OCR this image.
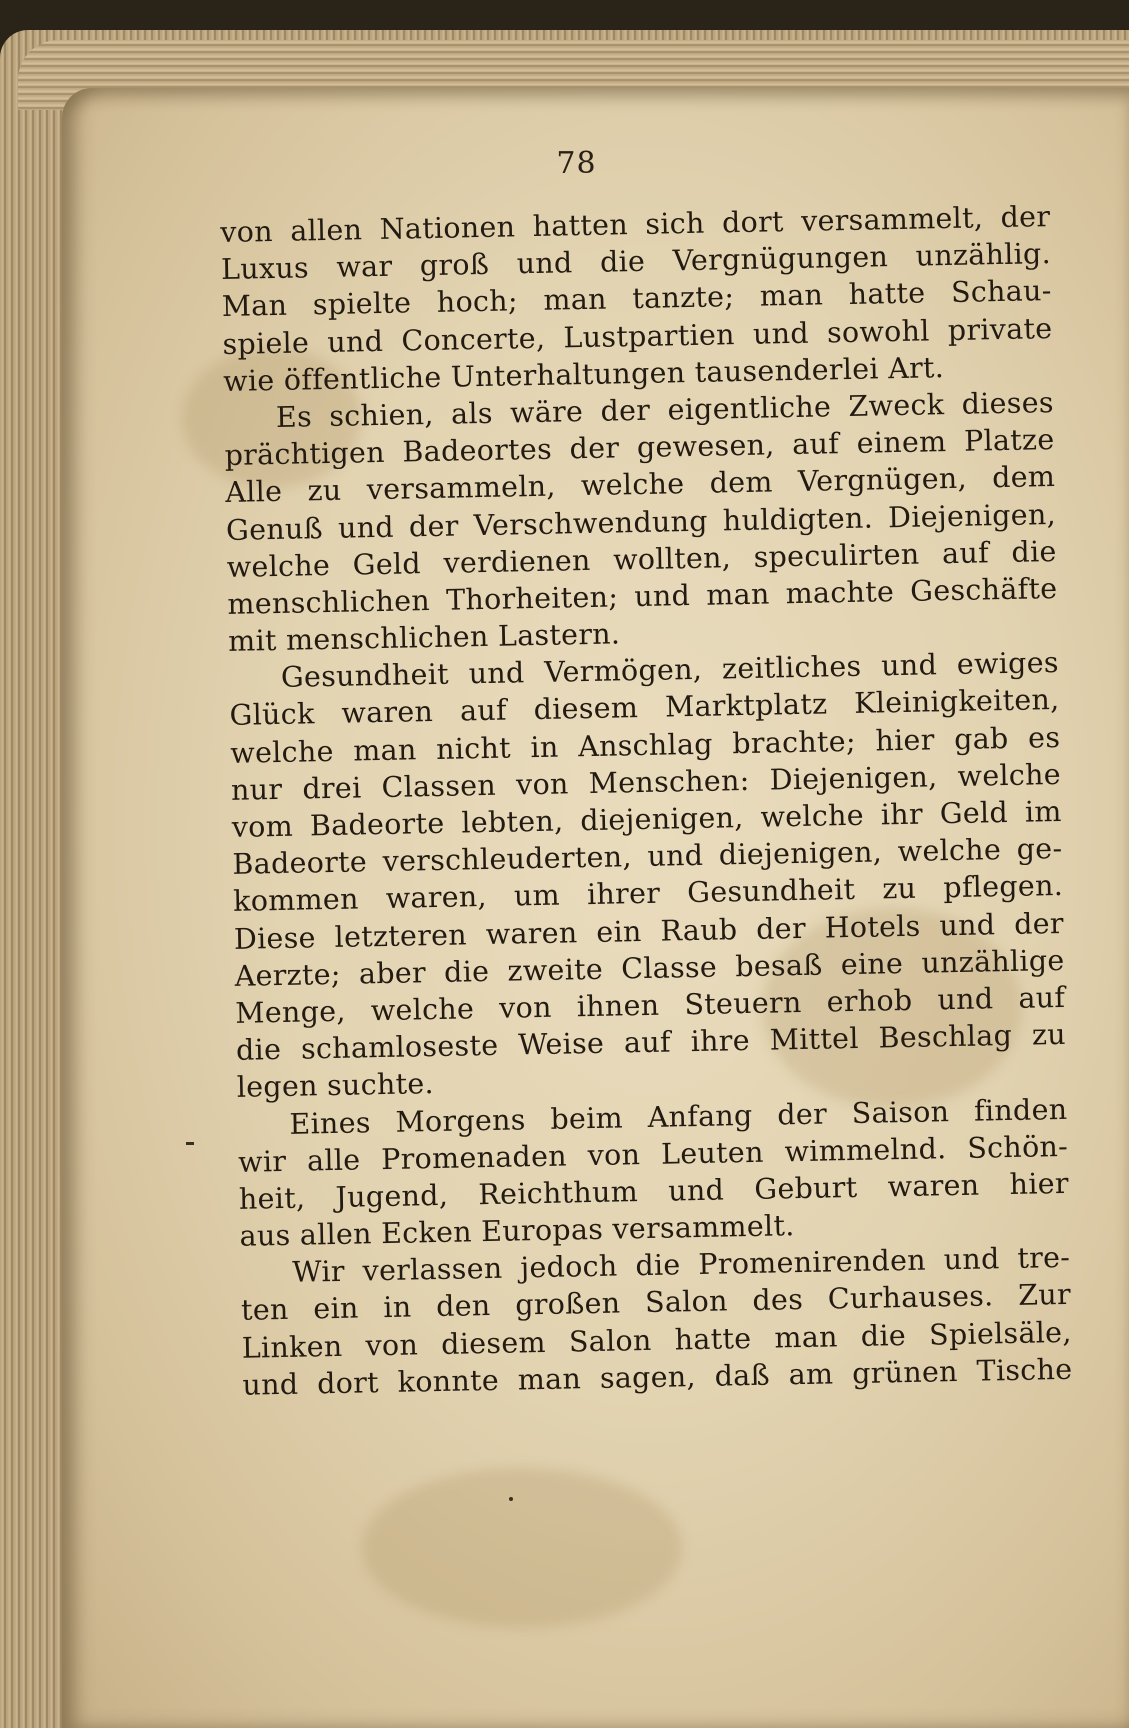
78
von allen Nationen hatten sich dort versammelt, der
Luxus war groß und die Vergnügungen unzählig.
Man spielte hoch; man tanzte; man hatte Schau-
spiele und Concerte, Lustpartien und sowohl private
wie öffentliche Unterhaltungen tausenderlei Art.
Es schien, als wäre der eigentliche Zweck dieses
prächtigen Badeortes der gewesen, auf einem Platze
Alle zu versammeln, welche dem Vergnügen, dem
Genuß und der Verschwendung huldigten. Diejenigen,
welche Geld verdienen wollten, speculirten auf die
menschlichen Thorheiten; und man machte Geschäfte
mit menschlichen Lastern.
Gesundheit und Vermögen, zeitliches und ewiges
Glück waren auf diesem Marktplatz Kleinigkeiten,
welche man nicht in Anschlag brachte; hier gab es
nur drei Classen von Menschen: Diejenigen, welche
vom Badeorte lebten, diejenigen, welche ihr Geld im
Badeorte verschleuderten, und diejenigen, welche ge-
kommen waren, um ihrer Gesundheit zu pflegen.
Diese letzteren waren ein Raub der Hotels und der
Aerzte; aber die zweite Classe besaß eine unzählige
Menge, welche von ihnen Steuern erhob und auf
die schamloseste Weise auf ihre Mittel Beschlag zu
legen suchte.
Eines Morgens beim Anfang der Saison finden
wir alle Promenaden von Leuten wimmelnd. Schön-
heit, Jugend, Reichthum und Geburt waren hier
aus allen Ecken Europas versammelt.
Wir verlassen jedoch die Promenirenden und tre-
ten ein in den großen Salon des Curhauses. Zur
Linken von diesem Salon hatte man die Spielsäle,
und dort konnte man sagen, daß am grünen Tische
